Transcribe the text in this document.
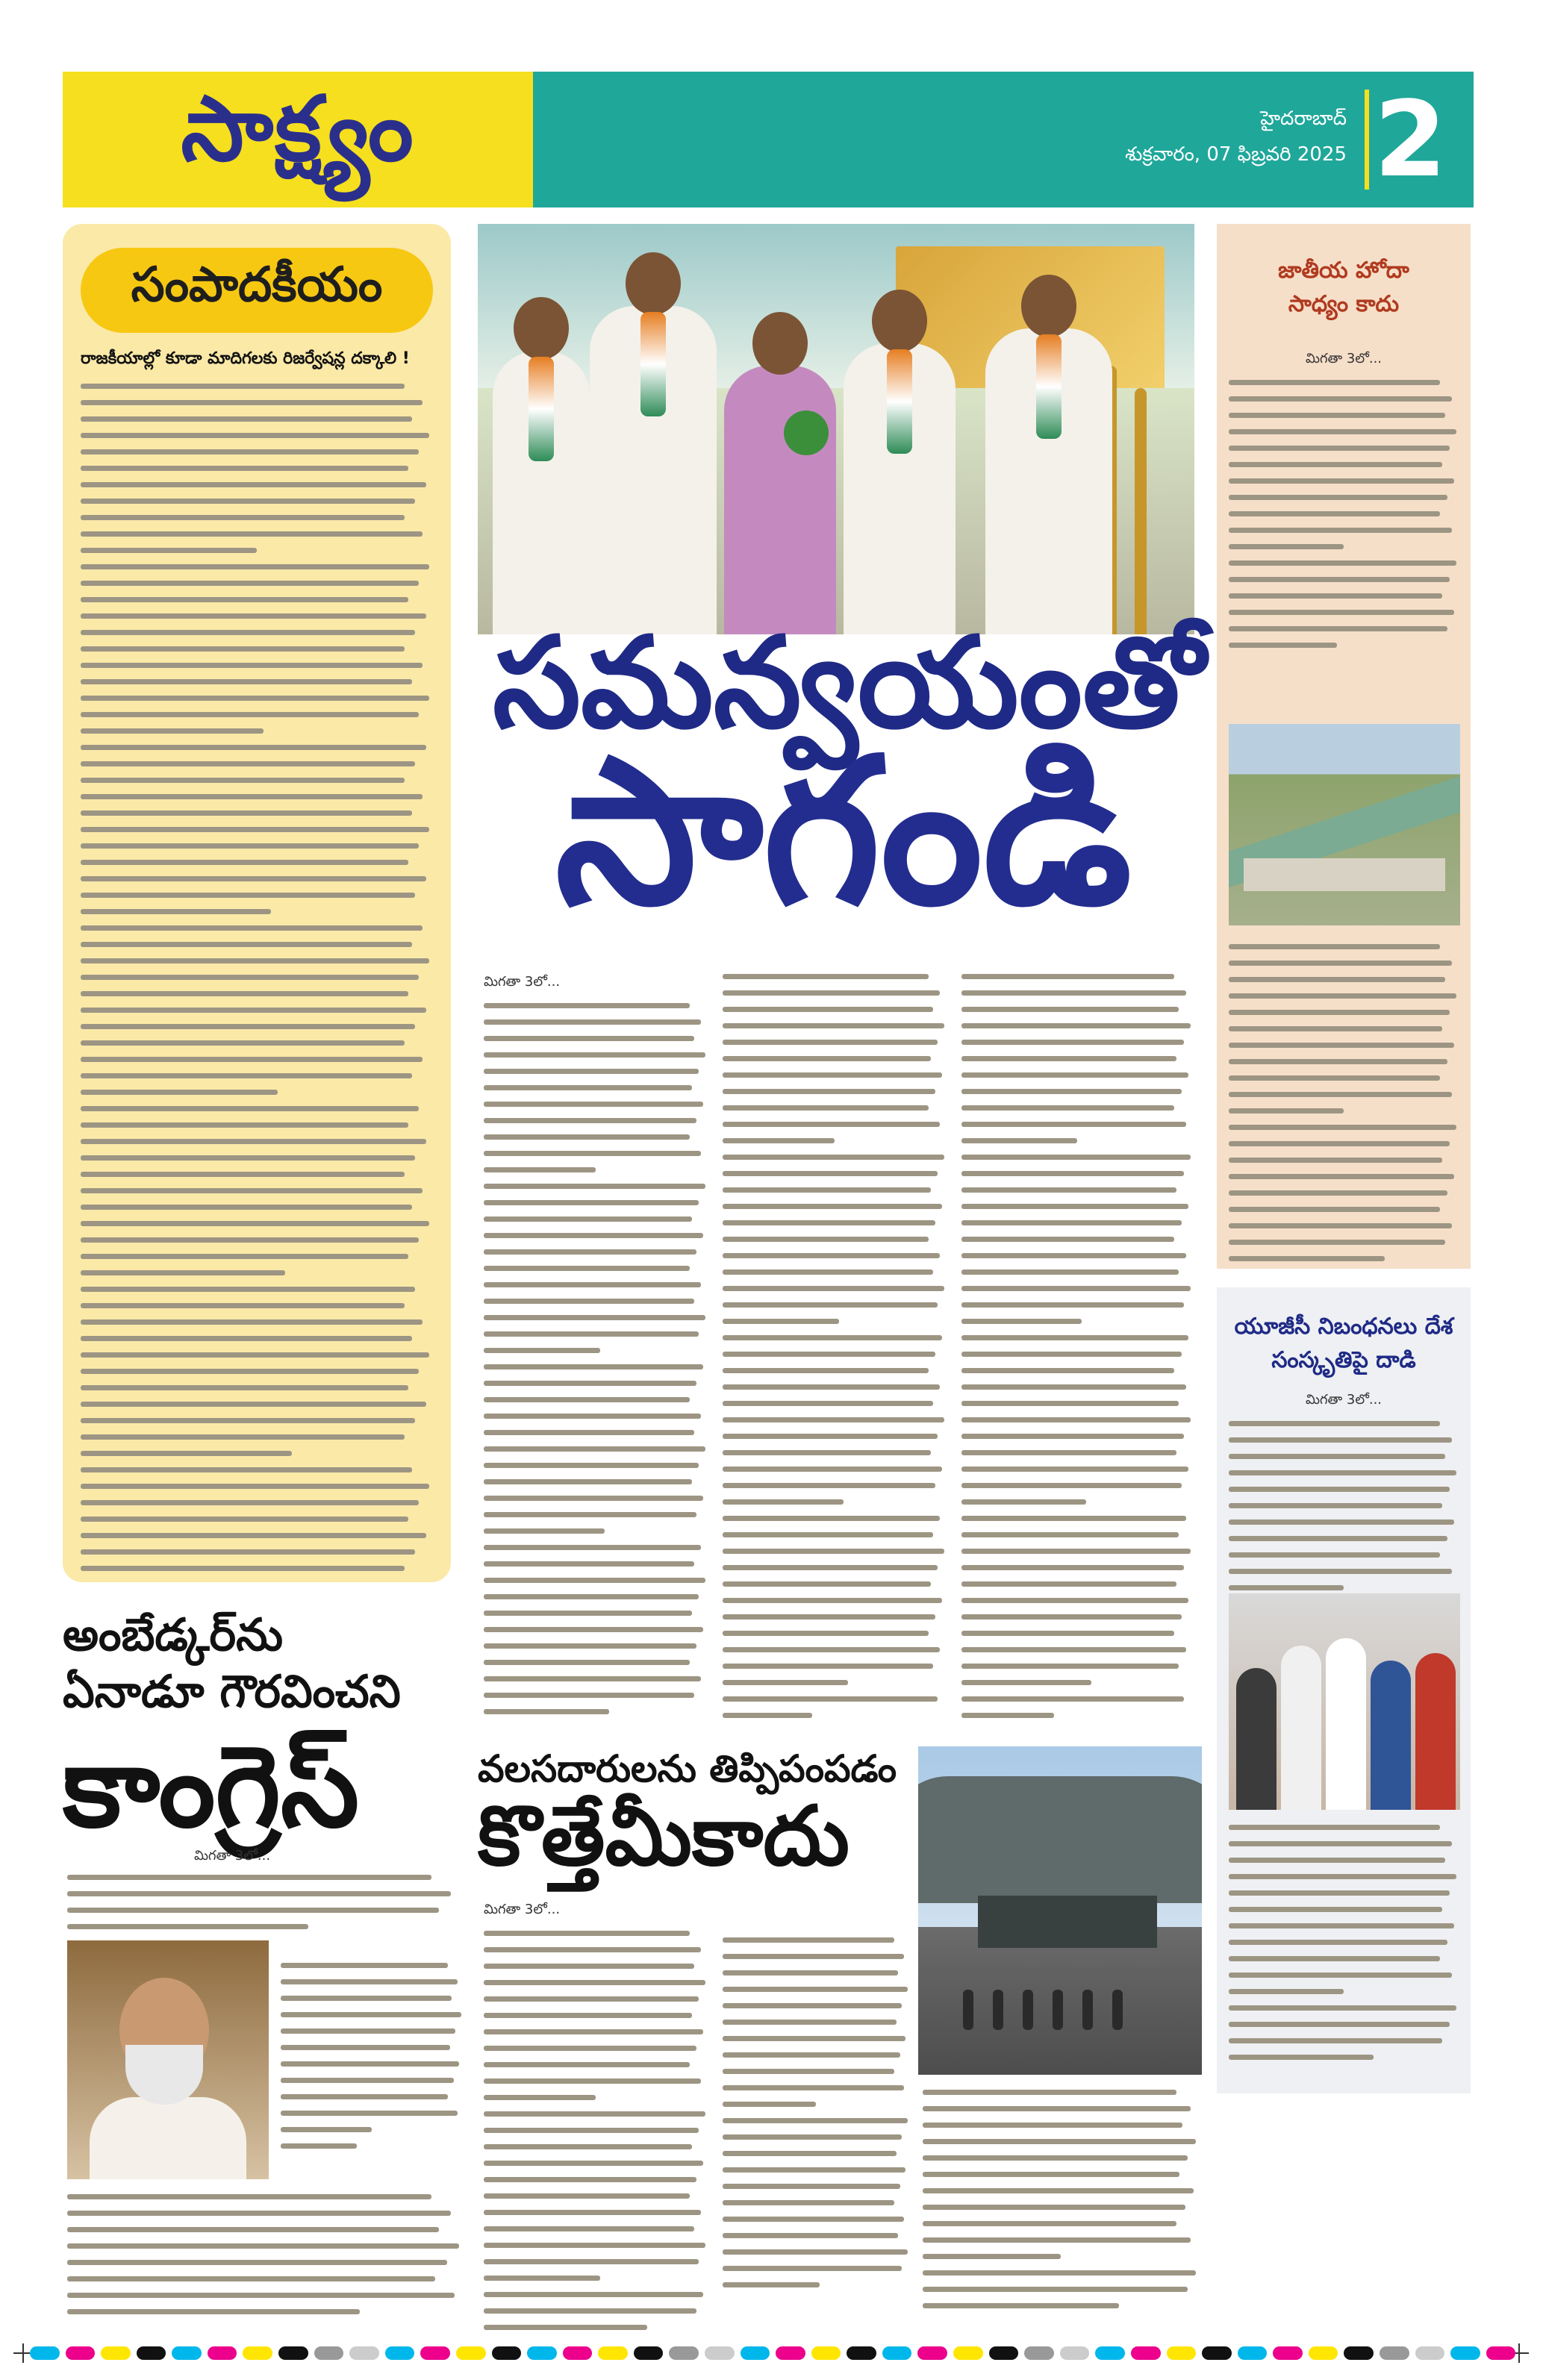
సాక్ష్యం	హైదరాబాద్
శుక్రవారం, 07 ఫిబ్రవరి 2025 2
సంపాదకీయం
రాజకీయాల్లో కూడా మాదిగలకు రిజర్వేషన్ల దక్కాలి !
సమన్వయంతో
సాగండి
మిగతా 3లో...
జాతీయ హోదా
సాధ్యం కాదు
మిగతా 3లో...
యూజీసీ నిబంధనలు దేశ
సంస్కృతిపై దాడి
మిగతా 3లో...
అంబేడ్కర్‌ను
ఏనాడూ గౌరవించని
కాంగ్రెస్
మిగతా 3లో...
వలసదారులను తిప్పిపంపడం
కొత్తేమీకాదు
మిగతా 3లో...
